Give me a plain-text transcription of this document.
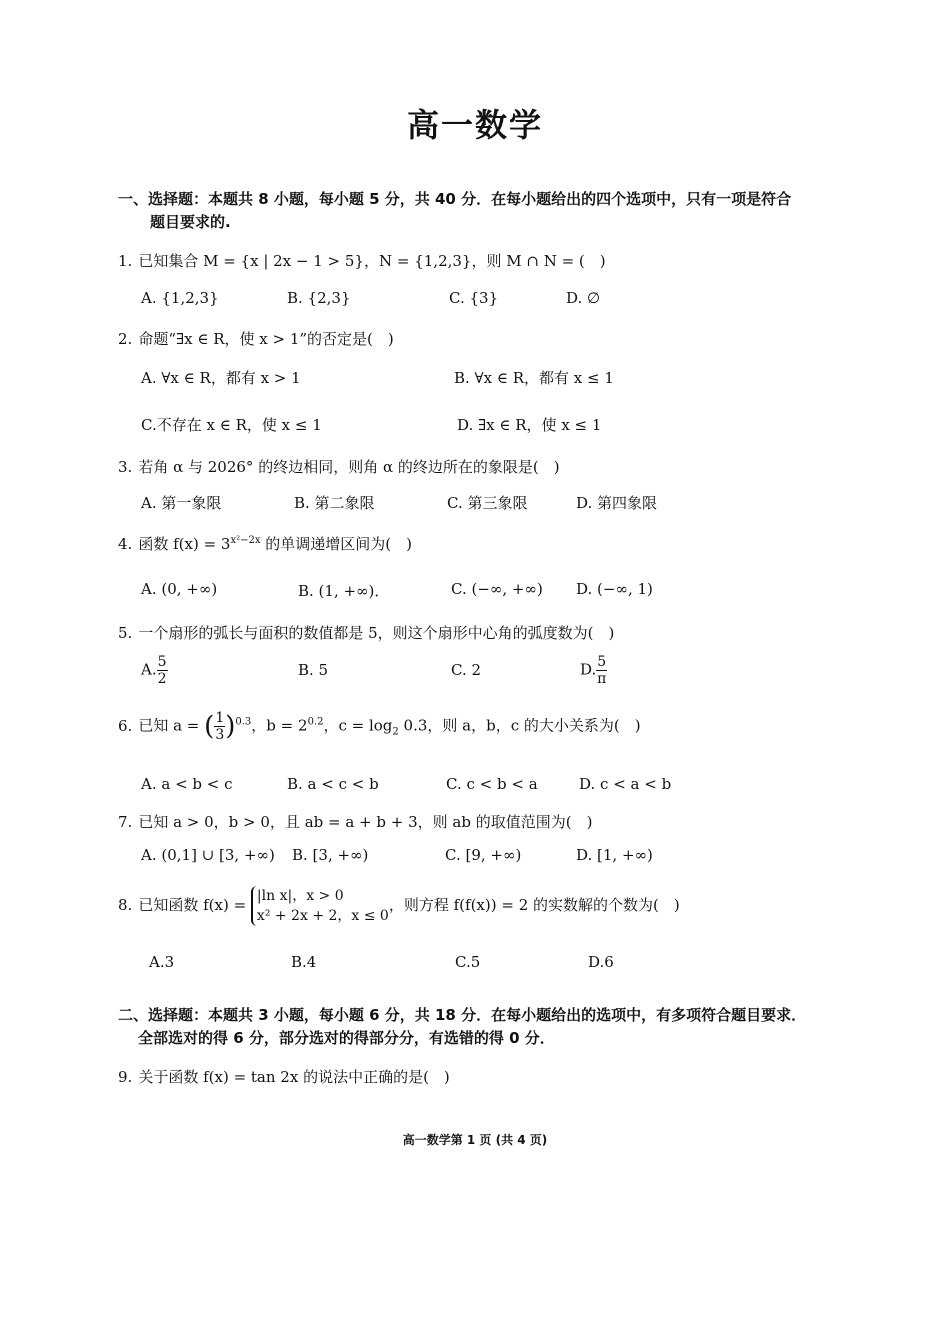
高一数学
一、选择题：本题共 8 小题，每小题 5 分，共 40 分．在每小题给出的四个选项中，只有一项是符合
题目要求的.
1. 已知集合 M = {x | 2x − 1 > 5}，N = {1,2,3}，则 M ∩ N = (　)
A. {1,2,3}	B. {2,3}	C. {3}	D. ∅
2. 命题“∃x ∈ R，使 x > 1”的否定是(　)
A. ∀x ∈ R，都有 x > 1	B. ∀x ∈ R，都有 x ≤ 1
C.不存在 x ∈ R，使 x ≤ 1	D. ∃x ∈ R，使 x ≤ 1
3. 若角 α 与 2026° 的终边相同，则角 α 的终边所在的象限是(　)
A. 第一象限	B. 第二象限	C. 第三象限	D. 第四象限
4. 函数 $f(x) = 3^{x^2-2x}$ 的单调递增区间为(　)
A. (0, +∞)	B. (1, +∞)．	C. (−∞, +∞) D. (−∞, 1)
5. 一个扇形的弧长与面积的数值都是 5，则这个扇形中心角的弧度数为(　)
A. $\frac{5}{2}$	B. 5	C. 2	D. $\frac{5}{\pi}$
6. 已知 a = ( $\frac{1}{3} )^{0.3}$，$b = 2^{0.2}$，$c = \log_2 0.3$，则 a，b，c 的大小关系为(　)
A. a < b < c	B. a < c < b	C. c < b < a	D. c < a < b
7. 已知 a > 0，b > 0，且 ab = a + b + 3，则 ab 的取值范围为(　)
A. (0,1] ∪ [3, +∞) B. [3, +∞)	C. [9, +∞)	D. [1, +∞)
8. 已知函数 f(x) = |ln x|，x > 0
x² + 2x + 2，x ≤ 0
，则方程 f(f(x)) = 2 的实数解的个数为(　)
A.3	B.4	C.5	D.6
二、选择题：本题共 3 小题，每小题 6 分，共 18 分．在每小题给出的选项中，有多项符合题目要求．
全部选对的得 6 分，部分选对的得部分分，有选错的得 0 分．
9. 关于函数 f(x) = tan 2x 的说法中正确的是(　)
高一数学第 1 页 (共 4 页)
